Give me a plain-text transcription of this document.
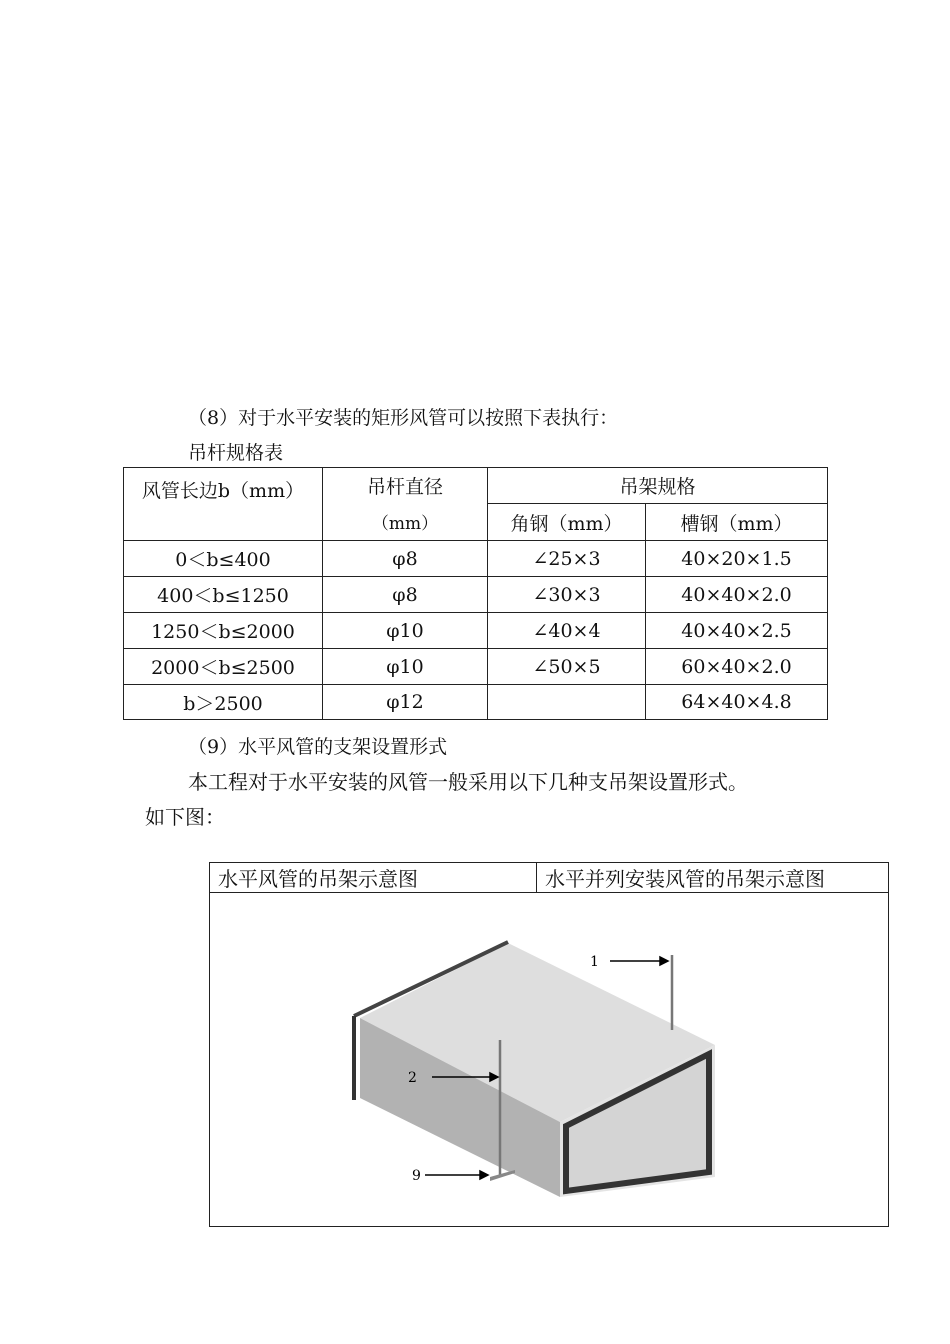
（8）对于水平安装的矩形风管可以按照下表执行：
吊杆规格表
风管长边b（mm）	吊杆直径	吊架规格	
	（mm）	角钢（mm）	槽钢（mm）
0＜b≤400	φ8	∠25×3	40×20×1.5
400＜b≤1250	φ8	∠30×3	40×40×2.0
1250＜b≤2000	φ10	∠40×4	40×40×2.5
2000＜b≤2500	φ10	∠50×5	60×40×2.0
b＞2500	φ12		64×40×4.8
（9）水平风管的支架设置形式
本工程对于水平安装的风管一般采用以下几种支吊架设置形式。
如下图：
水平风管的吊架示意图	水平并列安装风管的吊架示意图

1
2
9
